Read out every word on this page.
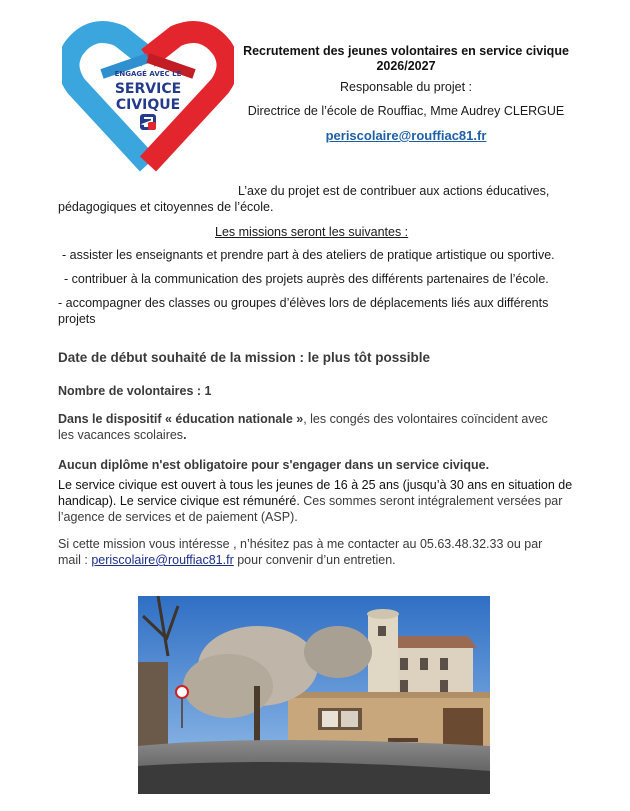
ENGAGÉ AVEC LE
SERVICE
CIVIQUE
Recrutement des jeunes volontaires en service civique
2026/2027
Responsable du projet :
Directrice de l’école de Rouffiac, Mme Audrey CLERGUE
periscolaire@rouffiac81.fr
L’axe du projet est de contribuer aux actions éducatives,
pédagogiques et citoyennes de l’école.
Les missions seront les suivantes :
- assister les enseignants et prendre part à des ateliers de pratique artistique ou sportive.
- contribuer à la communication des projets auprès des différents partenaires de l’école.
- accompagner des classes ou groupes d’élèves lors de déplacements liés aux différents projets
Date de début souhaité de la mission : le plus tôt possible
Nombre de volontaires : 1
Dans le dispositif « éducation nationale », les congés des volontaires coïncident avec
les vacances scolaires.
Aucun diplôme n'est obligatoire pour s'engager dans un service civique.
Le service civique est ouvert à tous les jeunes de 16 à 25 ans (jusqu’à 30 ans en situation de handicap). Le service civique est rémunéré. Ces sommes seront intégralement versées par l’agence de services et de paiement (ASP).
Si cette mission vous intéresse , n’hésitez pas à me contacter au 05.63.48.32.33 ou par mail : periscolaire@rouffiac81.fr pour convenir d’un entretien.
